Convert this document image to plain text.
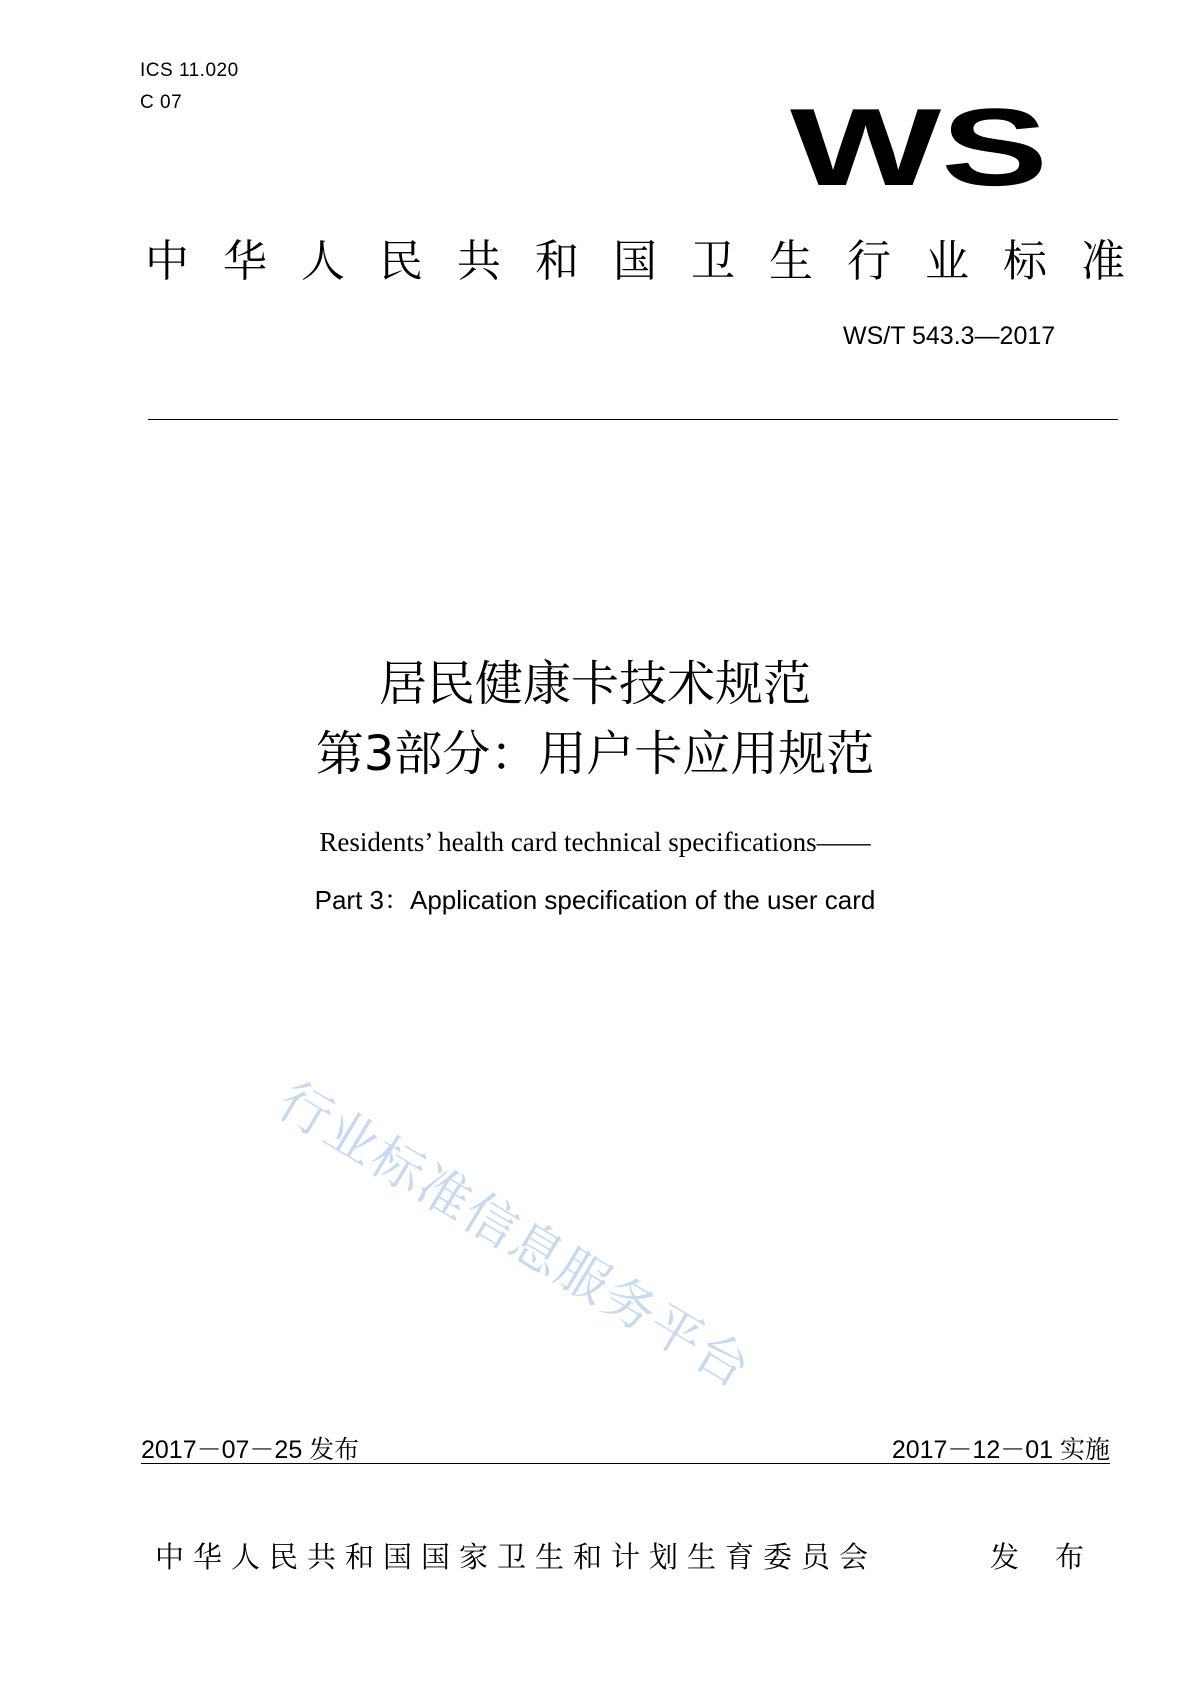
ICS 11.020
C 07	WS
中华人民共和国卫生行业标准
WS/T 543.3—2017
居民健康卡技术规范
第3部分：用户卡应用规范
Residents’ health card technical specifications——
Part 3：Application specification of the user card
行业标准信息服务平台
2017－07－25 发布	2017－12－01 实施
中华人民共和国国家卫生和计划生育委员会	发布
